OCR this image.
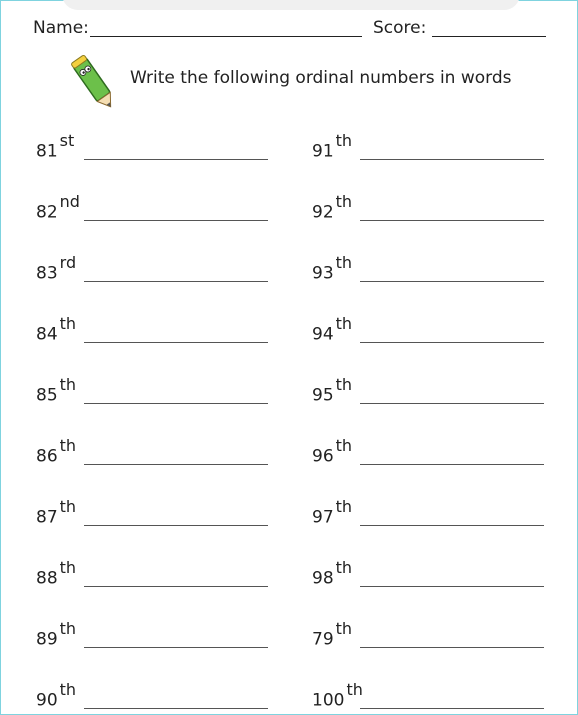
Name:	Score:
Write the following ordinal numbers in words
81st
82nd
83rd
84th
85th
86th
87th
88th
89th
90th
91th
92th
93th
94th
95th
96th
97th
98th
79th
100th
